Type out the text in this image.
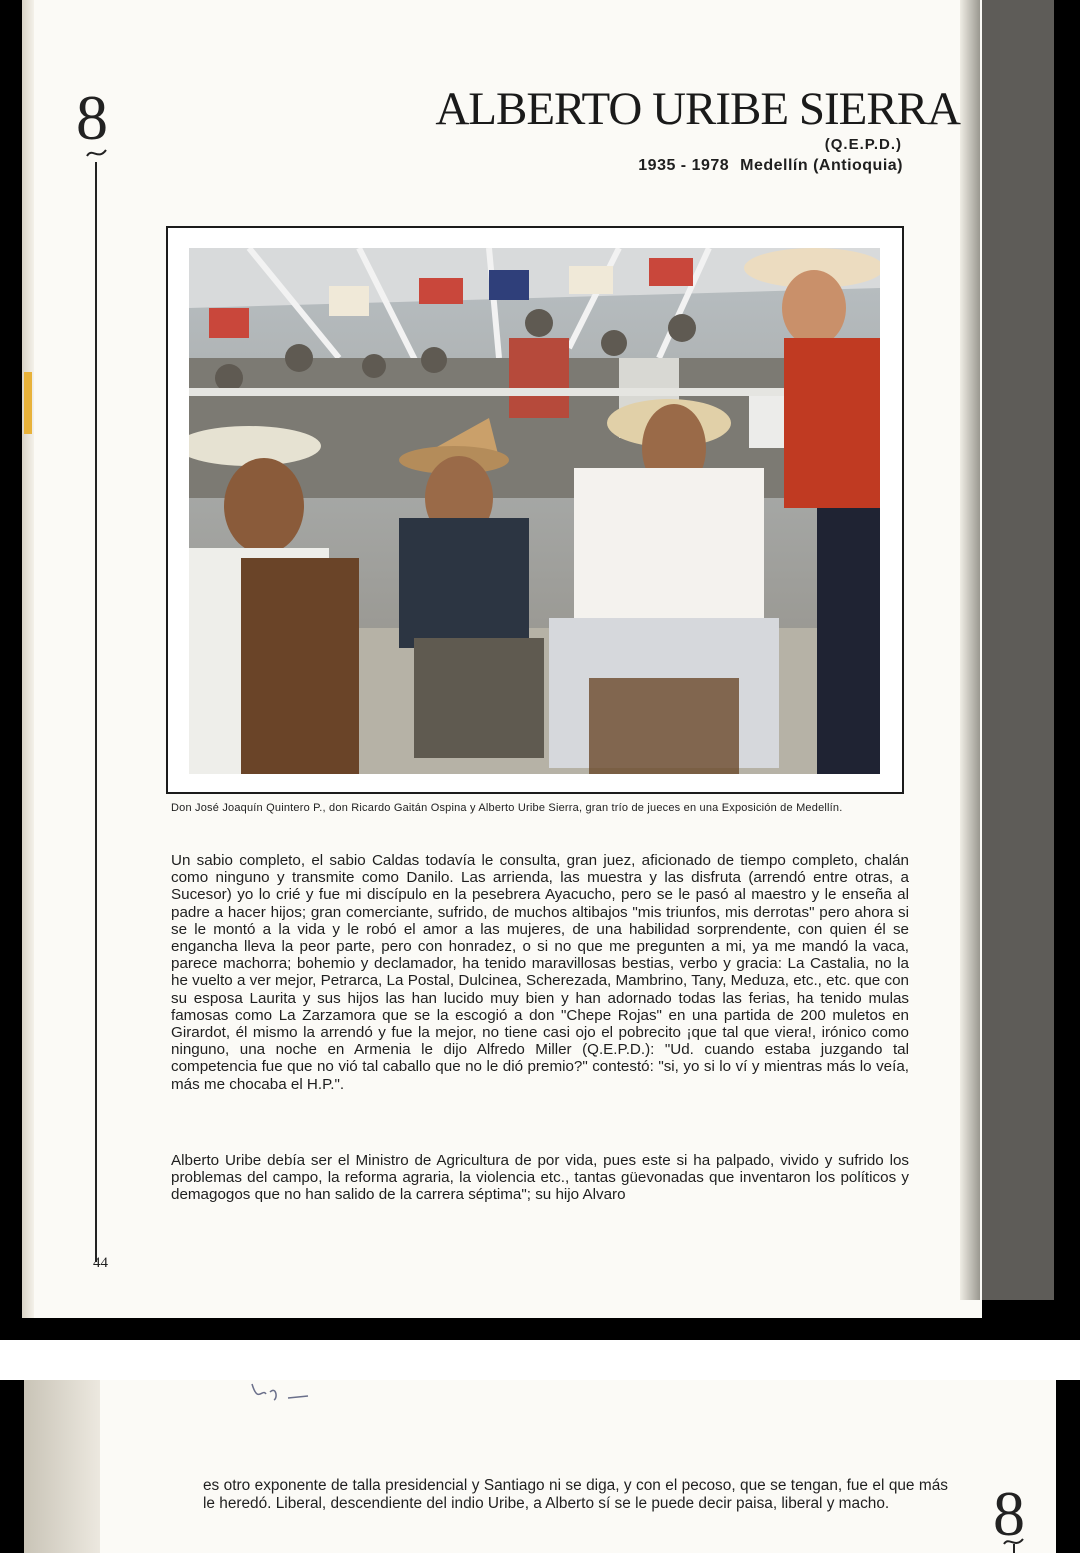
8	ALBERTO URIBE SIERRA
(Q.E.P.D.)
1935 - 1978 Medellín (Antioquia)
Don José Joaquín Quintero P., don Ricardo Gaitán Ospina y Alberto Uribe Sierra, gran trío de jueces en una Exposición de Medellín.
Un sabio completo, el sabio Caldas todavía le consulta, gran juez, aficionado de tiempo completo, chalán como ninguno y transmite como Danilo. Las arrienda, las muestra y las disfruta (arrendó entre otras, a Sucesor) yo lo crié y fue mi discípulo en la pesebrera Ayacucho, pero se le pasó al maestro y le enseña al padre a hacer hijos; gran comerciante, sufrido, de muchos altibajos "mis triunfos, mis derrotas" pero ahora si se le montó a la vida y le robó el amor a las mujeres, de una habilidad sorprendente, con quien él se engancha lleva la peor parte, pero con honradez, o si no que me pregunten a mi, ya me mandó la vaca, parece machorra; bohemio y declamador, ha tenido maravillosas bestias, verbo y gracia: La Castalia, no la he vuelto a ver mejor, Petrarca, La Postal, Dulcinea, Scherezada, Mambrino, Tany, Meduza, etc., etc. que con su esposa Laurita y sus hijos las han lucido muy bien y han adornado todas las ferias, ha tenido mulas famosas como La Zarzamora que se la escogió a don "Chepe Rojas" en una partida de 200 muletos en Girardot, él mismo la arrendó y fue la mejor, no tiene casi ojo el pobrecito ¡que tal que viera!, irónico como ninguno, una noche en Armenia le dijo Alfredo Miller (Q.E.P.D.): "Ud. cuando estaba juzgando tal competencia fue que no vió tal caballo que no le dió premio?" contestó: "si, yo si lo ví y mientras más lo veía, más me chocaba el H.P.".
Alberto Uribe debía ser el Ministro de Agricultura de por vida, pues este si ha palpado, vivido y sufrido los problemas del campo, la reforma agraria, la violencia etc., tantas güevonadas que inventaron los políticos y demagogos que no han salido de la carrera séptima"; su hijo Alvaro
44
es otro exponente de talla presidencial y Santiago ni se diga, y con el pecoso, que se tengan, fue el que más le heredó. Liberal, descendiente del indio Uribe, a Alberto sí se le puede decir paisa, liberal y macho.	8
